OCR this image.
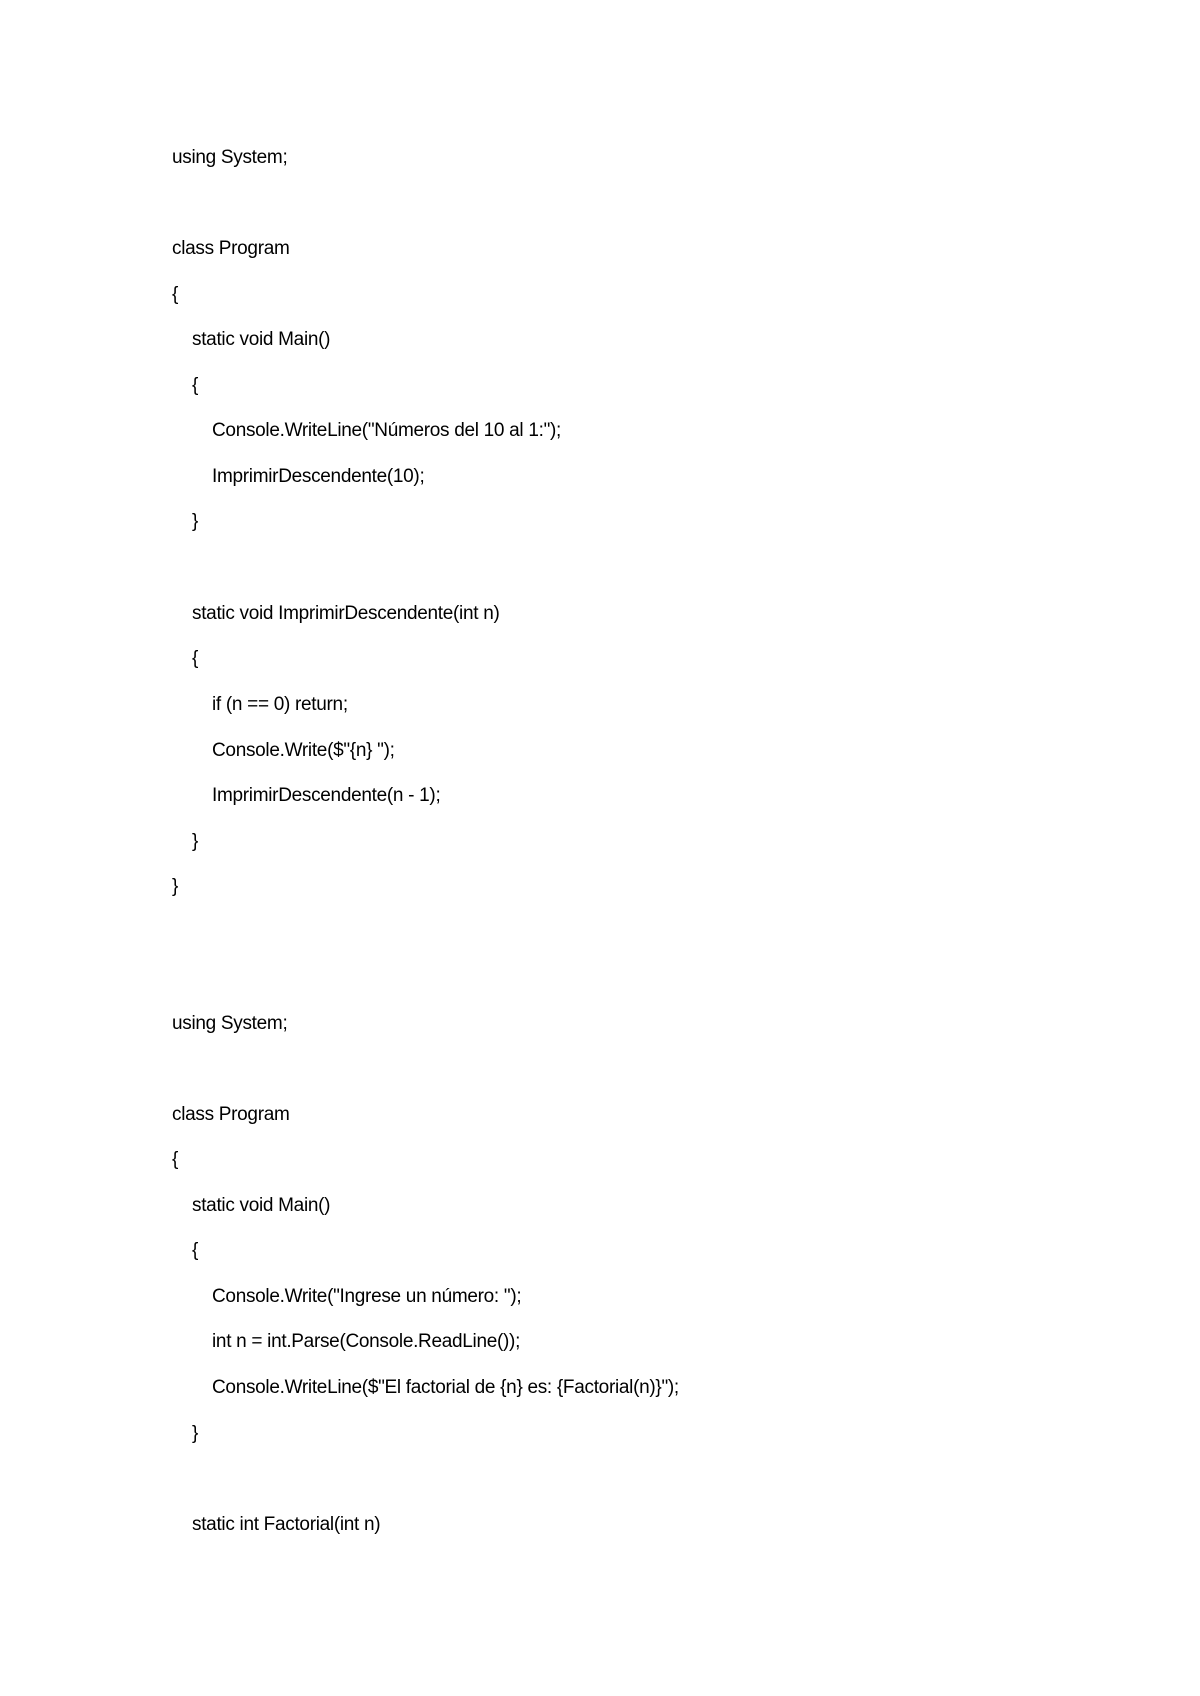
using System;
class Program
{
static void Main()
{
Console.WriteLine("Números del 10 al 1:");
ImprimirDescendente(10);
}
static void ImprimirDescendente(int n)
{
if (n == 0) return;
Console.Write($"{n} ");
ImprimirDescendente(n - 1);
}
}
using System;
class Program
{
static void Main()
{
Console.Write("Ingrese un número: ");
int n = int.Parse(Console.ReadLine());
Console.WriteLine($"El factorial de {n} es: {Factorial(n)}");
}
static int Factorial(int n)
